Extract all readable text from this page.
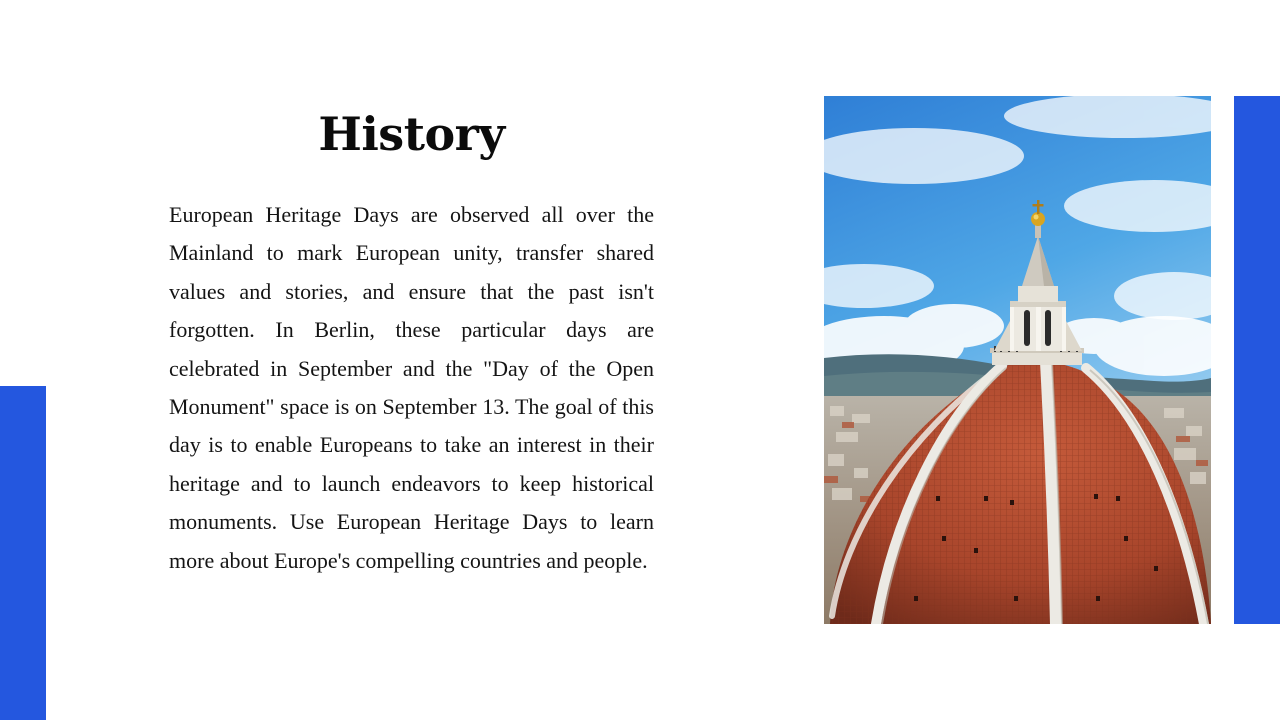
History

European Heritage Days are observed all over the Mainland to mark European unity, transfer shared values and stories, and ensure that the past isn't forgotten. In Berlin, these particular days are celebrated in September and the "Day of the Open Monument" space is on September 13. The goal of this day is to enable Europeans to take an interest in their heritage and to launch endeavors to keep historical monuments. Use European Heritage Days to learn more about Europe's compelling countries and people.
